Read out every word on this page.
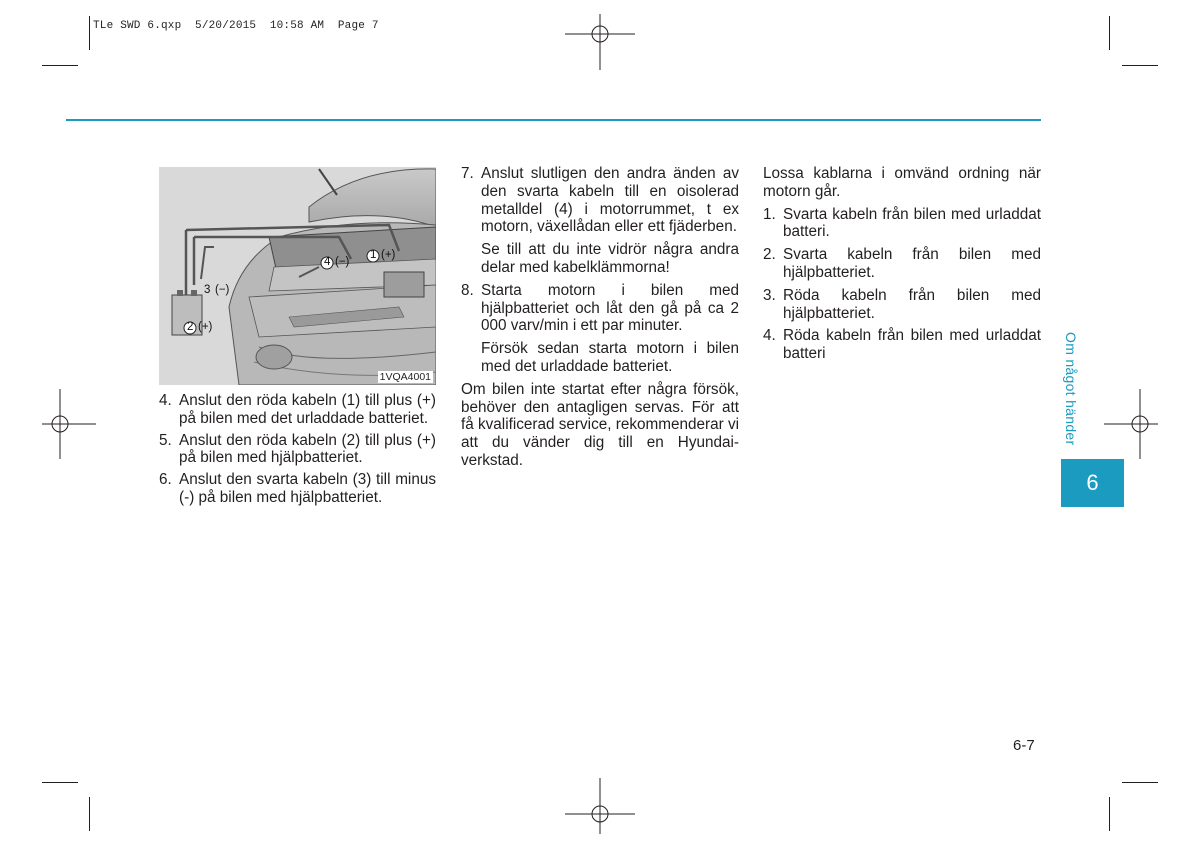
TLe SWD 6.qxp  5/20/2015  10:58 AM  Page 7
1 (+)
4 (−)
3 (−)
2 (+)
1VQA4001
4. Anslut den röda kabeln (1) till plus (+) på bilen med det urladdade batteriet.
5. Anslut den röda kabeln (2) till plus (+) på bilen med hjälpbatteriet.
6. Anslut den svarta kabeln (3) till minus (-) på bilen med hjälpbatteriet.
7. Anslut slutligen den andra änden av den svarta kabeln till en oisolerad metalldel (4) i motorrummet, t ex motorn, växellådan eller ett fjäderben.
Se till att du inte vidrör några andra delar med kabelklämmorna!
8. Starta motorn i bilen med hjälpbatteriet och låt den gå på ca 2 000 varv/min i ett par minuter.
Försök sedan starta motorn i bilen med det urladdade batteriet.

Om bilen inte startat efter några försök, behöver den antagligen servas. För att få kvalificerad service, rekommenderar vi att du vänder dig till en Hyundai-verkstad.

Lossa kablarna i omvänd ordning när motorn går.

1. Svarta kabeln från bilen med urladdat batteri.
2. Svarta kabeln från bilen med hjälpbatteriet.
3. Röda kabeln från bilen med hjälpbatteriet.
4. Röda kabeln från bilen med urladdat batteri	Om något händer
6
6-7
